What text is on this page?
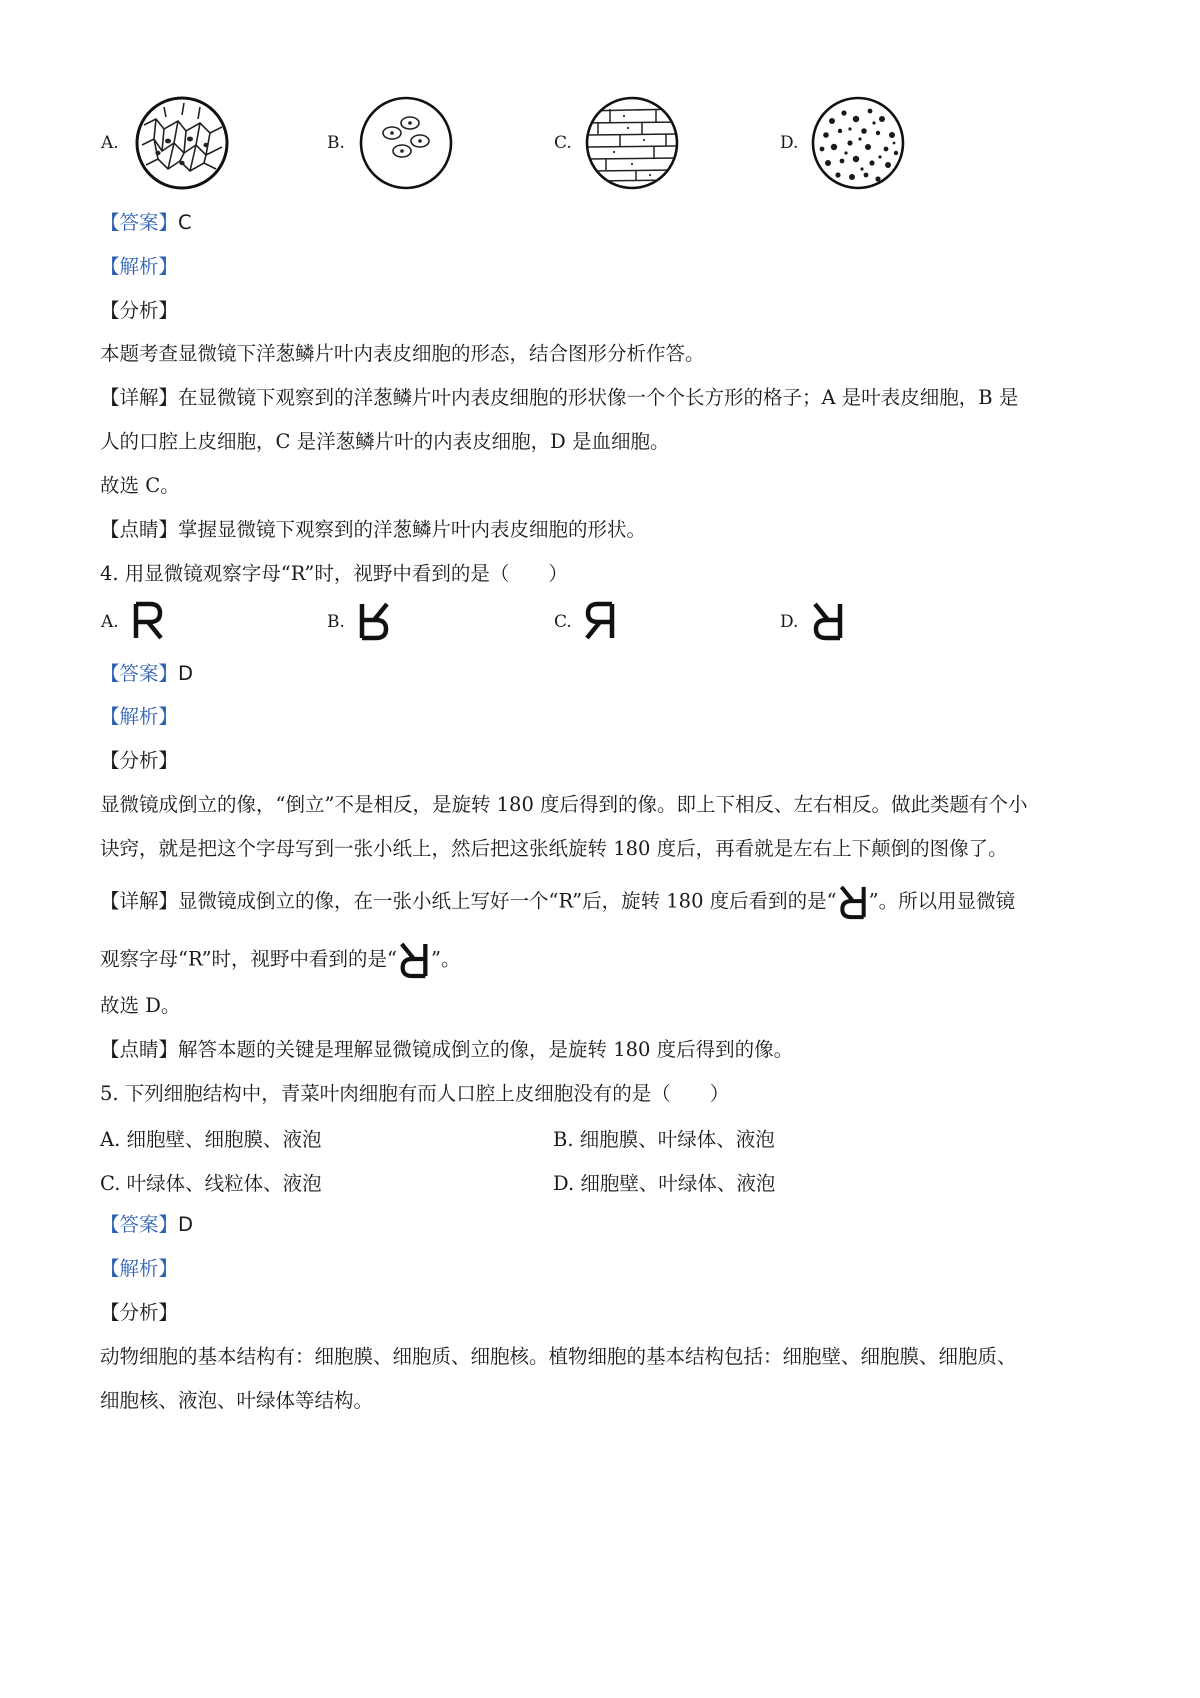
A.	B.	C.	D.
【答案】C
【解析】
【分析】
本题考查显微镜下洋葱鳞片叶内表皮细胞的形态，结合图形分析作答。
【详解】在显微镜下观察到的洋葱鳞片叶内表皮细胞的形状像一个个长方形的格子；A 是叶表皮细胞，B 是
人的口腔上皮细胞，C 是洋葱鳞片叶的内表皮细胞，D 是血细胞。
故选 C。
【点睛】掌握显微镜下观察到的洋葱鳞片叶内表皮细胞的形状。
4. 用显微镜观察字母“R”时，视野中看到的是（　　）
A.	B.	C.	D.
【答案】D
【解析】
【分析】
显微镜成倒立的像，“倒立”不是相反，是旋转 180 度后得到的像。即上下相反、左右相反。做此类题有个小
诀窍，就是把这个字母写到一张小纸上，然后把这张纸旋转 180 度后，再看就是左右上下颠倒的图像了。
【详解】显微镜成倒立的像，在一张小纸上写好一个“R”后，旋转 180 度后看到的是“ ”。所以用显微镜
观察字母“R”时，视野中看到的是“ ”。
故选 D。
【点睛】解答本题的关键是理解显微镜成倒立的像，是旋转 180 度后得到的像。
5. 下列细胞结构中，青菜叶肉细胞有而人口腔上皮细胞没有的是（　　）
A. 细胞壁、细胞膜、液泡	B. 细胞膜、叶绿体、液泡
C. 叶绿体、线粒体、液泡	D. 细胞壁、叶绿体、液泡
【答案】D
【解析】
【分析】
动物细胞的基本结构有：细胞膜、细胞质、细胞核。植物细胞的基本结构包括：细胞壁、细胞膜、细胞质、
细胞核、液泡、叶绿体等结构。
